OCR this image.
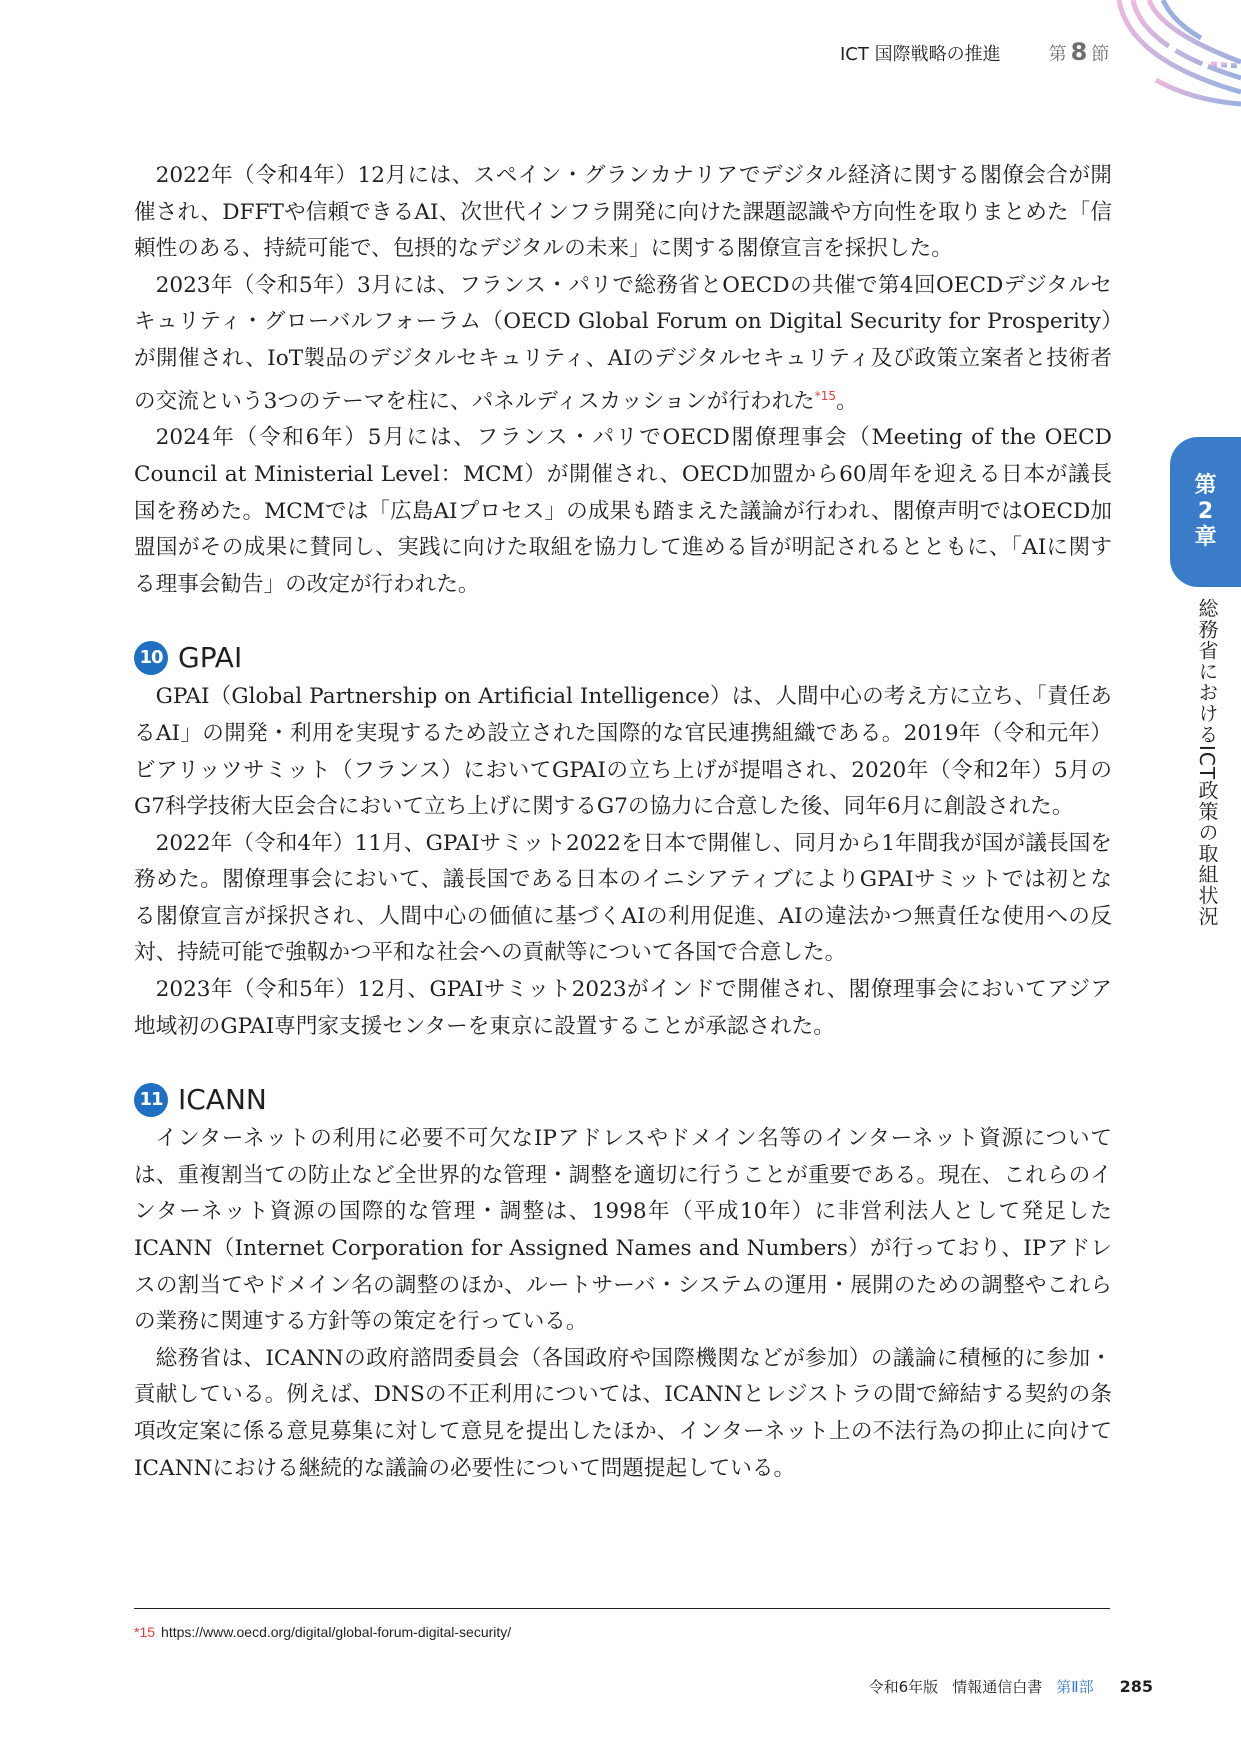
ICT 国際戦略の推進	第 8 節
第
2
章
総務省におけるICT政策の取組状況

2022年（令和4年）12月には、スペイン・グランカナリアでデジタル経済に関する閣僚会合が開催され、DFFTや信頼できるAI、次世代インフラ開発に向けた課題認識や方向性を取りまとめた「信頼性のある、持続可能で、包摂的なデジタルの未来」に関する閣僚宣言を採択した。

2023年（令和5年）3月には、フランス・パリで総務省とOECDの共催で第4回OECDデジタルセキュリティ・グローバルフォーラム（OECD Global Forum on Digital Security for Prosperity）が開催され、IoT製品のデジタルセキュリティ、AIのデジタルセキュリティ及び政策立案者と技術者の交流という3つのテーマを柱に、パネルディスカッションが行われた$^{*15}$。

2024年（令和6年）5月には、フランス・パリでOECD閣僚理事会（Meeting of the OECD Council at Ministerial Level：MCM）が開催され、OECD加盟から60周年を迎える日本が議長国を務めた。MCMでは「広島AIプロセス」の成果も踏まえた議論が行われ、閣僚声明ではOECD加盟国がその成果に賛同し、実践に向けた取組を協力して進める旨が明記されるとともに、「AIに関する理事会勧告」の改定が行われた。

10 GPAI

GPAI（Global Partnership on Artificial Intelligence）は、人間中心の考え方に立ち、「責任あるAI」の開発・利用を実現するため設立された国際的な官民連携組織である。2019年（令和元年）ビアリッツサミット（フランス）においてGPAIの立ち上げが提唱され、2020年（令和2年）5月のG7科学技術大臣会合において立ち上げに関するG7の協力に合意した後、同年6月に創設された。

2022年（令和4年）11月、GPAIサミット2022を日本で開催し、同月から1年間我が国が議長国を務めた。閣僚理事会において、議長国である日本のイニシアティブによりGPAIサミットでは初となる閣僚宣言が採択され、人間中心の価値に基づくAIの利用促進、AIの違法かつ無責任な使用への反対、持続可能で強靱かつ平和な社会への貢献等について各国で合意した。

2023年（令和5年）12月、GPAIサミット2023がインドで開催され、閣僚理事会においてアジア地域初のGPAI専門家支援センターを東京に設置することが承認された。

11 ICANN

インターネットの利用に必要不可欠なIPアドレスやドメイン名等のインターネット資源については、重複割当ての防止など全世界的な管理・調整を適切に行うことが重要である。現在、これらのインターネット資源の国際的な管理・調整は、1998年（平成10年）に非営利法人として発足したICANN（Internet Corporation for Assigned Names and Numbers）が行っており、IPアドレスの割当てやドメイン名の調整のほか、ルートサーバ・システムの運用・展開のための調整やこれらの業務に関連する方針等の策定を行っている。

総務省は、ICANNの政府諮問委員会（各国政府や国際機関などが参加）の議論に積極的に参加・貢献している。例えば、DNSの不正利用については、ICANNとレジストラの間で締結する契約の条項改定案に係る意見募集に対して意見を提出したほか、インターネット上の不法行為の抑止に向けてICANNにおける継続的な議論の必要性について問題提起している。

*15 https://www.oecd.org/digital/global-forum-digital-security/
令和6年版 情報通信白書 第Ⅱ部 285
